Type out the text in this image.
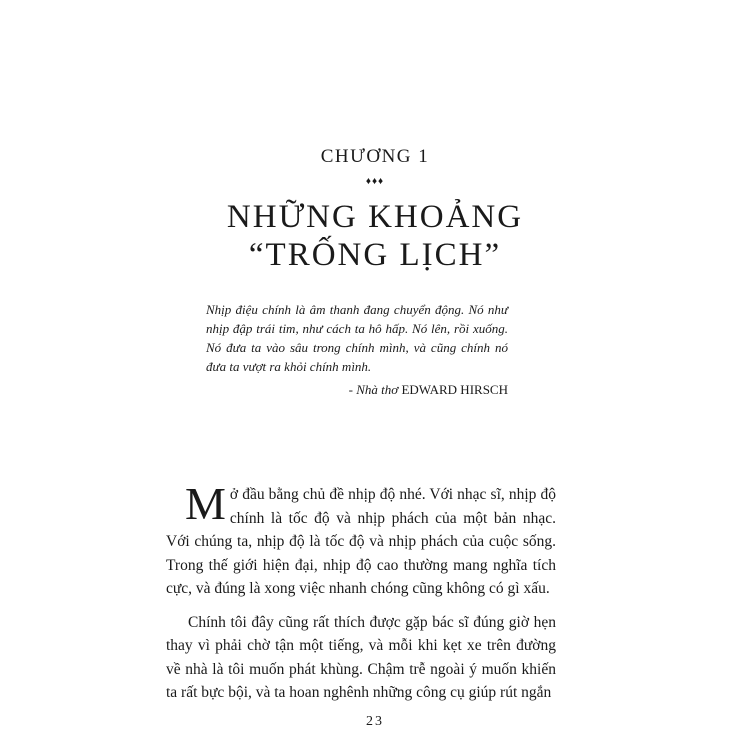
CHƯƠNG 1
♦♦♦
NHỮNG KHOẢNG
“TRỐNG LỊCH”
Nhịp điệu chính là âm thanh đang chuyển động. Nó như nhịp đập trái tim, như cách ta hô hấp. Nó lên, rồi xuống. Nó đưa ta vào sâu trong chính mình, và cũng chính nó đưa ta vượt ra khỏi chính mình.
- Nhà thơ EDWARD HIRSCH

Mở đầu bằng chủ đề nhịp độ nhé. Với nhạc sĩ, nhịp độ chính là tốc độ và nhịp phách của một bản nhạc. Với chúng ta, nhịp độ là tốc độ và nhịp phách của cuộc sống. Trong thế giới hiện đại, nhịp độ cao thường mang nghĩa tích cực, và đúng là xong việc nhanh chóng cũng không có gì xấu.

Chính tôi đây cũng rất thích được gặp bác sĩ đúng giờ hẹn thay vì phải chờ tận một tiếng, và mỗi khi kẹt xe trên đường về nhà là tôi muốn phát khùng. Chậm trễ ngoài ý muốn khiến ta rất bực bội, và ta hoan nghênh những công cụ giúp rút ngắn

23
